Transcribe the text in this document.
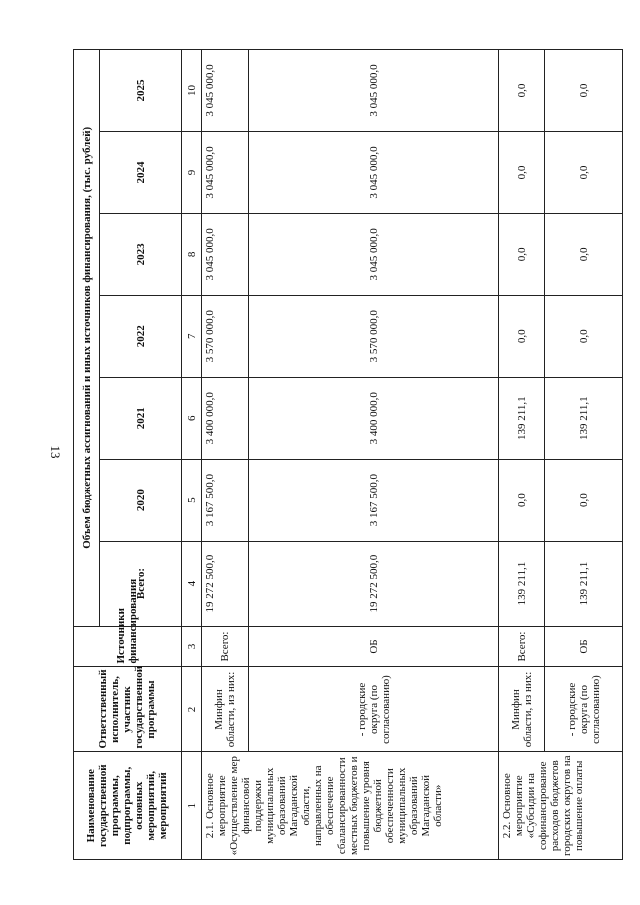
13
Наименование государственной программы, подпрограммы, основных мероприятий, мероприятий	Ответственный исполнитель, участник государственной программы	Источники финансирования	Объем бюджетных ассигнований и иных источников финансирования, (тыс. рублей)						
			Всего:	2020	2021	2022	2023	2024	2025
1	2	3	4	5	6	7	8	9	10
2.1. Основное мероприятие «Осуществление мер финансовой поддержки муниципальных образований Магаданской области, направленных на обеспечение сбалансированности местных бюджетов и повышение уровня бюджетной обеспеченности муниципальных образований Магаданской области»	Минфин области, из них:	Всего:	19 272 500,0	3 167 500,0	3 400 000,0	3 570 000,0	3 045 000,0	3 045 000,0	3 045 000,0
	- городские округа (по согласованию)	ОБ	19 272 500,0	3 167 500,0	3 400 000,0	3 570 000,0	3 045 000,0	3 045 000,0	3 045 000,0
2.2. Основное мероприятие «Субсидии на софинансирование расходов бюджетов городских округов на повышение оплаты	Минфин области, из них:	Всего:	139 211,1	0,0	139 211,1	0,0	0,0	0,0	0,0
	- городские округа (по согласованию)	ОБ	139 211,1	0,0	139 211,1	0,0	0,0	0,0	0,0
